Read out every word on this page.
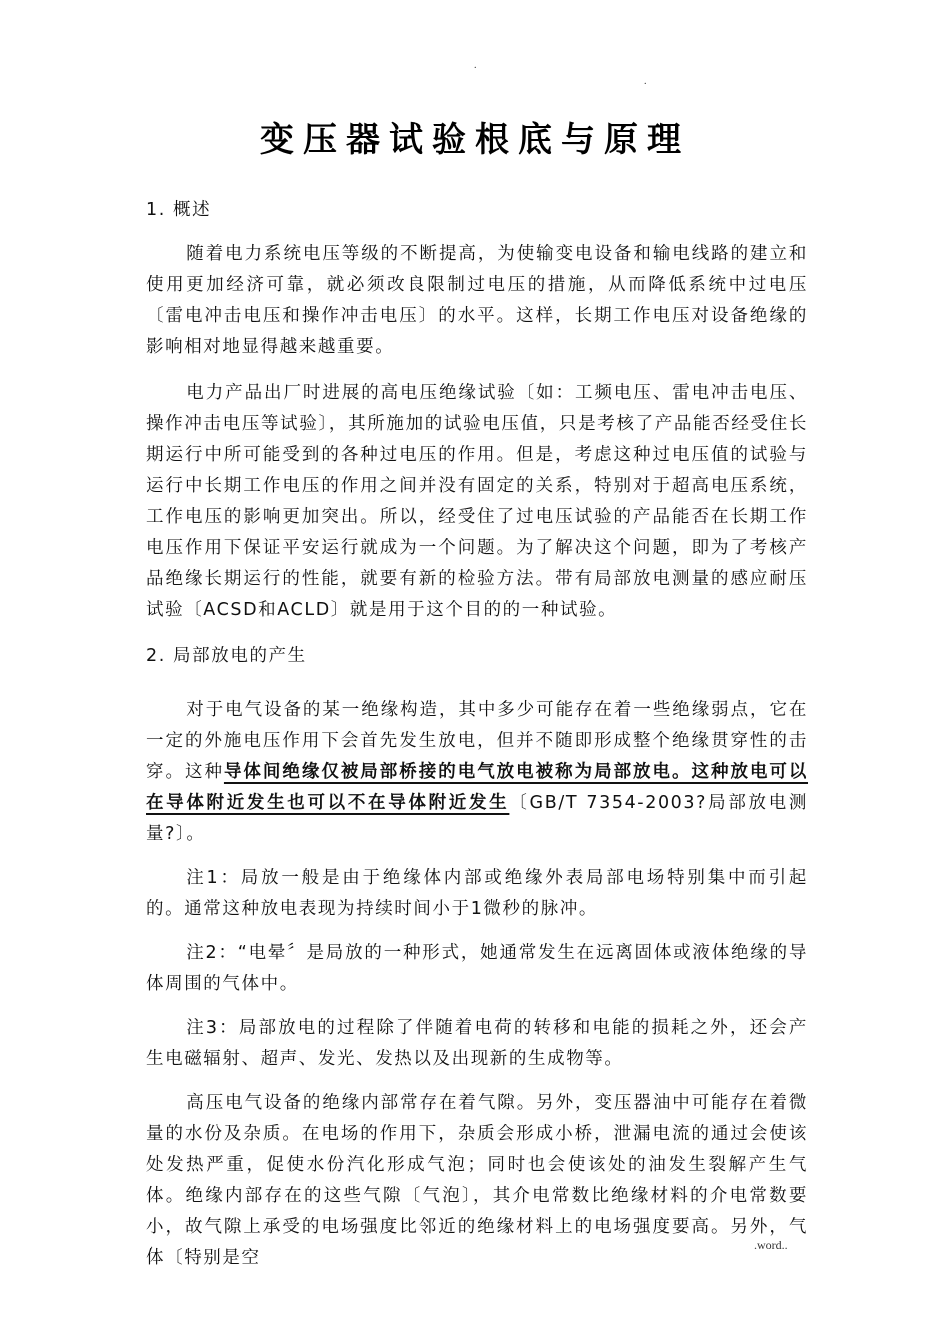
.
.
变压器试验根底与原理
1. 概述

随着电力系统电压等级的不断提高，为使输变电设备和输电线路的建立和使用更加经济可靠，就必须改良限制过电压的措施，从而降低系统中过电压〔雷电冲击电压和操作冲击电压〕的水平。这样，长期工作电压对设备绝缘的影响相对地显得越来越重要。

电力产品出厂时进展的高电压绝缘试验〔如：工频电压、雷电冲击电压、操作冲击电压等试验〕，其所施加的试验电压值，只是考核了产品能否经受住长期运行中所可能受到的各种过电压的作用。但是，考虑这种过电压值的试验与运行中长期工作电压的作用之间并没有固定的关系，特别对于超高电压系统，工作电压的影响更加突出。所以，经受住了过电压试验的产品能否在长期工作电压作用下保证平安运行就成为一个问题。为了解决这个问题，即为了考核产品绝缘长期运行的性能，就要有新的检验方法。带有局部放电测量的感应耐压试验〔ACSD和ACLD〕就是用于这个目的的一种试验。

2. 局部放电的产生

对于电气设备的某一绝缘构造，其中多少可能存在着一些绝缘弱点，它在一定的外施电压作用下会首先发生放电，但并不随即形成整个绝缘贯穿性的击穿。这种导体间绝缘仅被局部桥接的电气放电被称为局部放电。这种放电可以在导体附近发生也可以不在导体附近发生〔GB/T 7354-2003?局部放电测量?〕。

注1：局放一般是由于绝缘体内部或绝缘外表局部电场特别集中而引起的。通常这种放电表现为持续时间小于1微秒的脉冲。

注2：“电晕〞是局放的一种形式，她通常发生在远离固体或液体绝缘的导体周围的气体中。

注3：局部放电的过程除了伴随着电荷的转移和电能的损耗之外，还会产生电磁辐射、超声、发光、发热以及出现新的生成物等。

高压电气设备的绝缘内部常存在着气隙。另外，变压器油中可能存在着微量的水份及杂质。在电场的作用下，杂质会形成小桥，泄漏电流的通过会使该处发热严重，促使水份汽化形成气泡；同时也会使该处的油发生裂解产生气体。绝缘内部存在的这些气隙〔气泡〕，其介电常数比绝缘材料的介电常数要小，故气隙上承受的电场强度比邻近的绝缘材料上的电场强度要高。另外，气体〔特别是空

.	.word..
